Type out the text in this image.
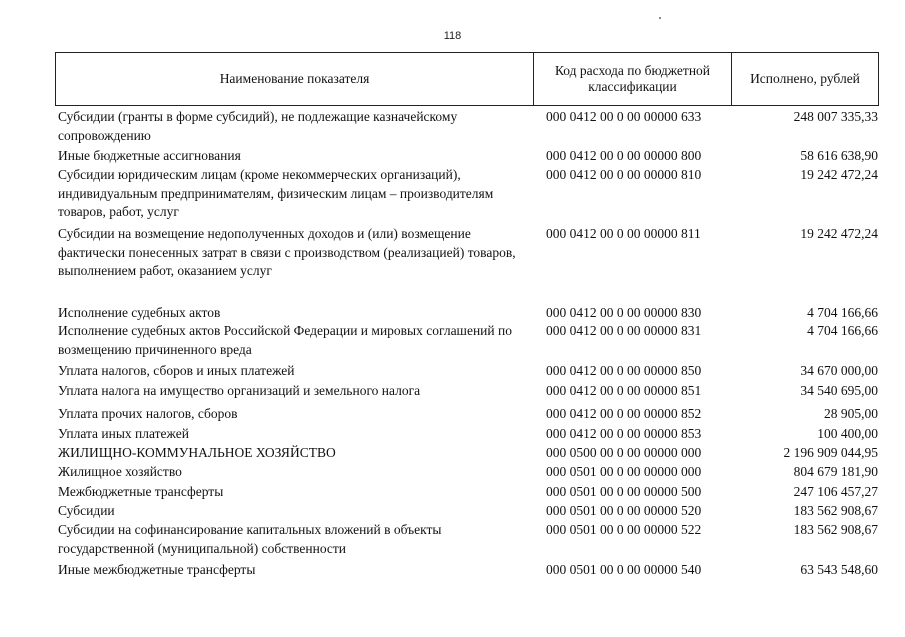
118
Наименование показателя
Код расхода по бюджетной классификации
Исполнено, рублей
Субсидии (гранты в форме субсидий), не подлежащие казначейскому сопровождению
000 0412 00 0 00 00000 633	248 007 335,33
Иные бюджетные ассигнования	000 0412 00 0 00 00000 800	58 616 638,90
Субсидии юридическим лицам (кроме некоммерческих организаций), индивидуальным предпринимателям, физическим лицам – производителям товаров, работ, услуг
000 0412 00 0 00 00000 810	19 242 472,24
Субсидии на возмещение недополученных доходов и (или) возмещение фактически понесенных затрат в связи с производством (реализацией) товаров, выполнением работ, оказанием услуг
000 0412 00 0 00 00000 811	19 242 472,24
Исполнение судебных актов	000 0412 00 0 00 00000 830	4 704 166,66
Исполнение судебных актов Российской Федерации и мировых соглашений по возмещению причиненного вреда
000 0412 00 0 00 00000 831	4 704 166,66
Уплата налогов, сборов и иных платежей	000 0412 00 0 00 00000 850	34 670 000,00
Уплата налога на имущество организаций и земельного налога	000 0412 00 0 00 00000 851	34 540 695,00
Уплата прочих налогов, сборов	000 0412 00 0 00 00000 852	28 905,00
Уплата иных платежей	000 0412 00 0 00 00000 853	100 400,00
ЖИЛИЩНО-КОММУНАЛЬНОЕ ХОЗЯЙСТВО	000 0500 00 0 00 00000 000	2 196 909 044,95
Жилищное хозяйство	000 0501 00 0 00 00000 000	804 679 181,90
Межбюджетные трансферты	000 0501 00 0 00 00000 500	247 106 457,27
Субсидии	000 0501 00 0 00 00000 520	183 562 908,67
Субсидии на софинансирование капитальных вложений в объекты государственной (муниципальной) собственности
000 0501 00 0 00 00000 522	183 562 908,67
Иные межбюджетные трансферты	000 0501 00 0 00 00000 540	63 543 548,60
